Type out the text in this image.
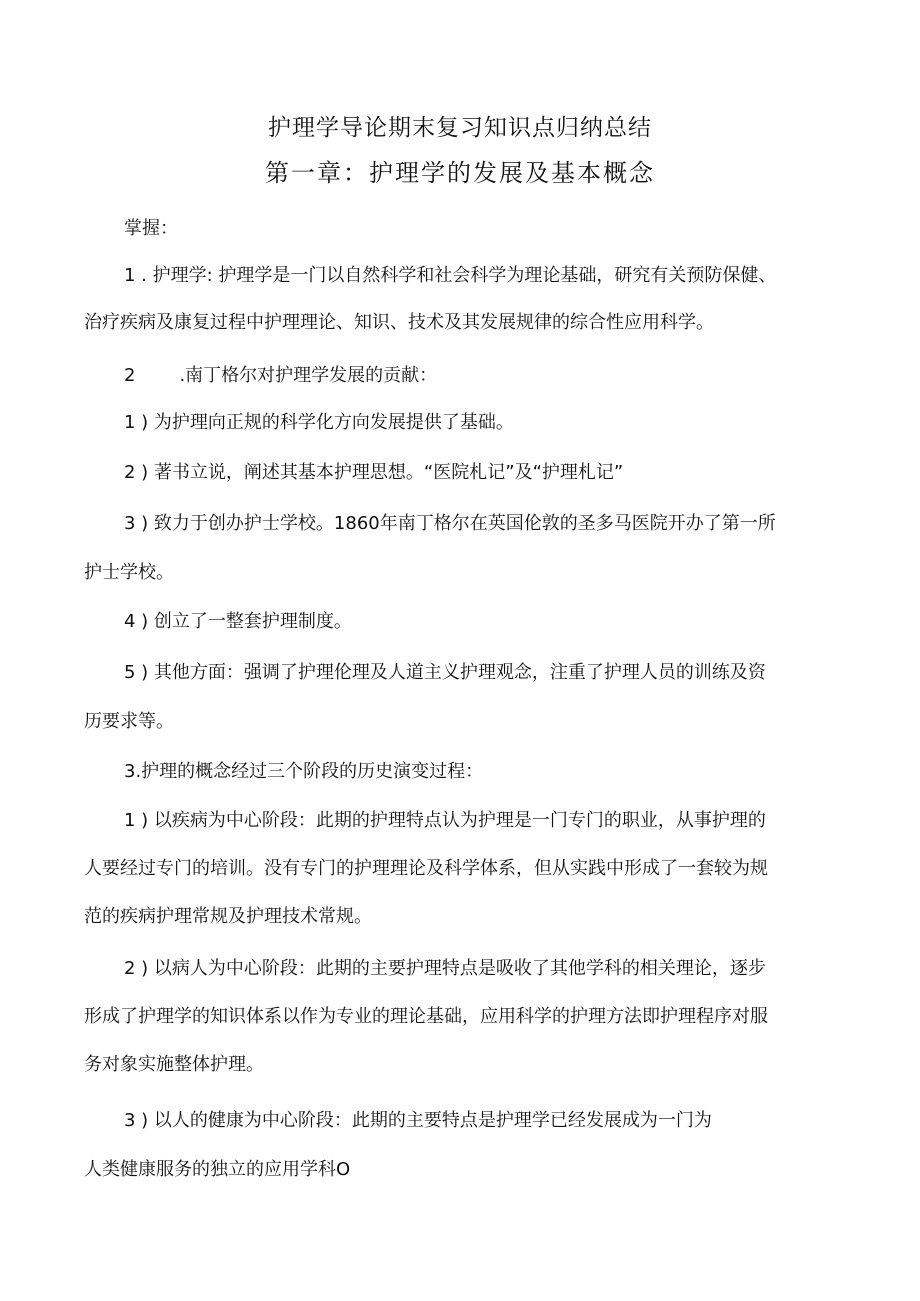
护理学导论期末复习知识点归纳总结
第一章：护理学的发展及基本概念
掌握：
1 . 护理学: 护理学是一门以自然科学和社会科学为理论基础，研究有关预防保健、
治疗疾病及康复过程中护理理论、知识、技术及其发展规律的综合性应用科学。
2 .南丁格尔对护理学发展的贡献：
1 ) 为护理向正规的科学化方向发展提供了基础。
2 ) 著书立说，阐述其基本护理思想。“医院札记”及“护理札记”
3 ) 致力于创办护士学校。1860年南丁格尔在英国伦敦的圣多马医院开办了第一所
护士学校。
4 ) 创立了一整套护理制度。
5 ) 其他方面：强调了护理伦理及人道主义护理观念，注重了护理人员的训练及资
历要求等。
3.护理的概念经过三个阶段的历史演变过程：
1 ) 以疾病为中心阶段：此期的护理特点认为护理是一门专门的职业，从事护理的
人要经过专门的培训。没有专门的护理理论及科学体系，但从实践中形成了一套较为规
范的疾病护理常规及护理技术常规。
2 ) 以病人为中心阶段：此期的主要护理特点是吸收了其他学科的相关理论，逐步
形成了护理学的知识体系以作为专业的理论基础，应用科学的护理方法即护理程序对服
务对象实施整体护理。
3 ) 以人的健康为中心阶段：此期的主要特点是护理学已经发展成为一门为
人类健康服务的独立的应用学科O
